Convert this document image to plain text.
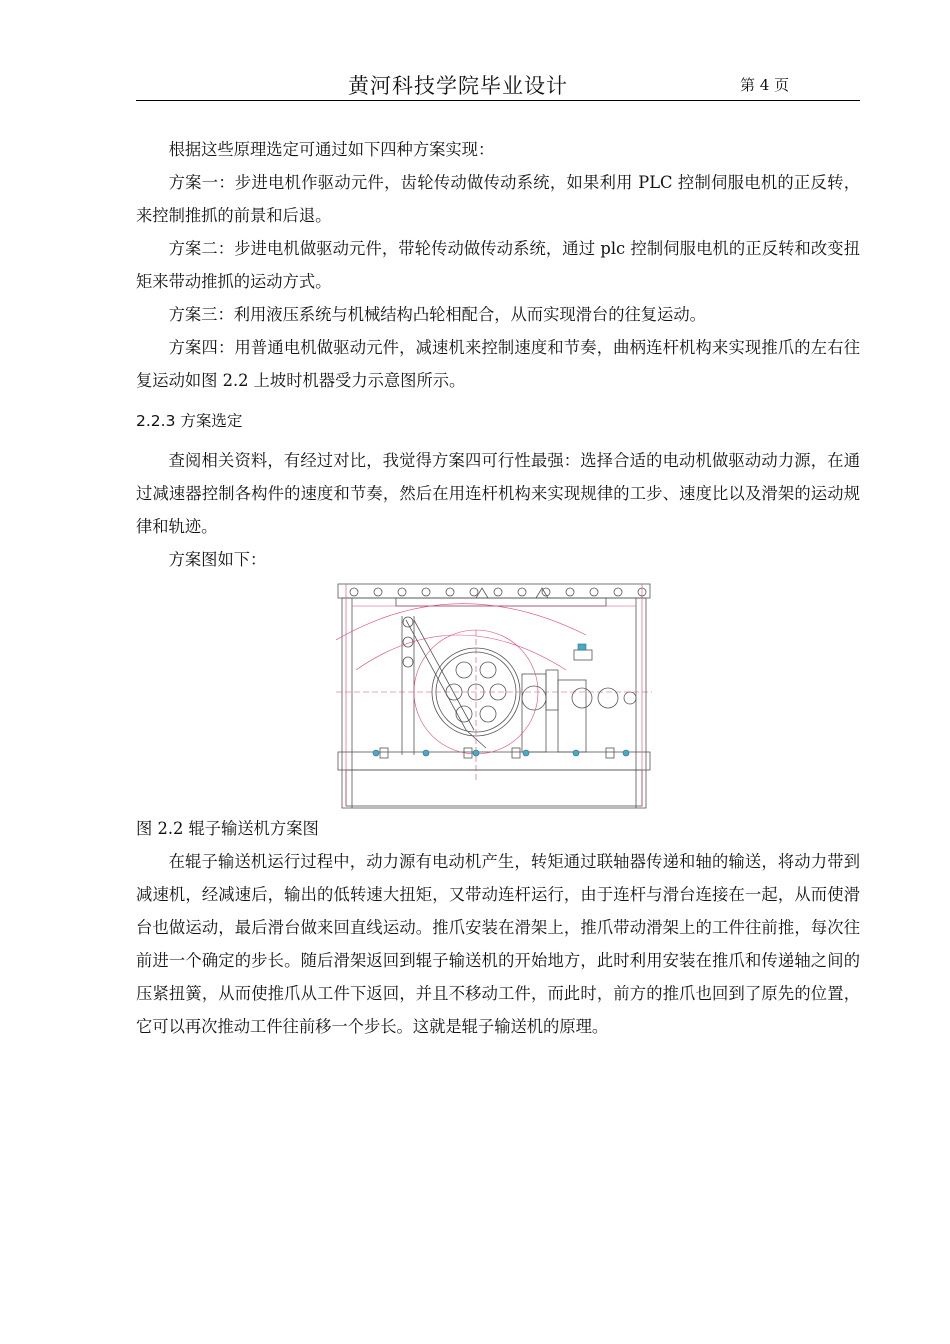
黄河科技学院毕业设计	第 4 页

根据这些原理选定可通过如下四种方案实现：

方案一：步进电机作驱动元件，齿轮传动做传动系统，如果利用 PLC 控制伺服电机的正反转，来控制推抓的前景和后退。

方案二：步进电机做驱动元件，带轮传动做传动系统，通过 plc 控制伺服电机的正反转和改变扭矩来带动推抓的运动方式。

方案三：利用液压系统与机械结构凸轮相配合，从而实现滑台的往复运动。

方案四：用普通电机做驱动元件，减速机来控制速度和节奏，曲柄连杆机构来实现推爪的左右往复运动如图 2.2 上坡时机器受力示意图所示。

2.2.3 方案选定

查阅相关资料，有经过对比，我觉得方案四可行性最强：选择合适的电动机做驱动动力源，在通过减速器控制各构件的速度和节奏，然后在用连杆机构来实现规律的工步、速度比以及滑架的运动规律和轨迹。

方案图如下：

图 2.2 辊子输送机方案图

在辊子输送机运行过程中，动力源有电动机产生，转矩通过联轴器传递和轴的输送，将动力带到减速机，经减速后，输出的低转速大扭矩，又带动连杆运行，由于连杆与滑台连接在一起，从而使滑台也做运动，最后滑台做来回直线运动。推爪安装在滑架上，推爪带动滑架上的工件往前推，每次往前进一个确定的步长。随后滑架返回到辊子输送机的开始地方，此时利用安装在推爪和传递轴之间的压紧扭簧，从而使推爪从工件下返回，并且不移动工件，而此时，前方的推爪也回到了原先的位置，它可以再次推动工件往前移一个步长。这就是辊子输送机的原理。
